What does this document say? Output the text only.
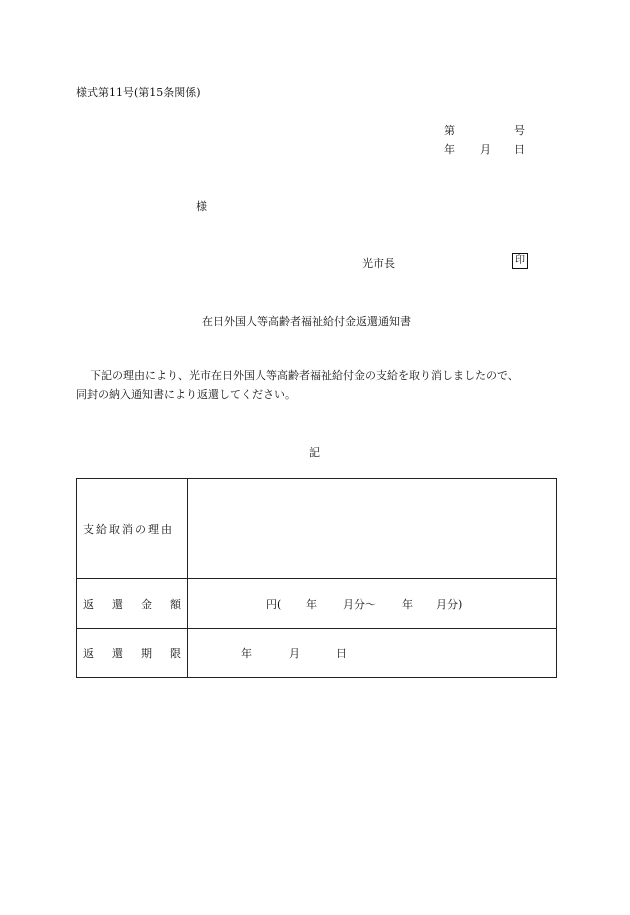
様式第11号(第15条関係)
第	号
年 月 日
様
光市長	印
在日外国人等高齢者福祉給付金返還通知書
下記の理由により、光市在日外国人等高齢者福祉給付金の支給を取り消しましたので、
同封の納入通知書により返還してください。
記
支給取消の理由	

返 還 金 額	円( 年 月分〜 年 月分)

返 還 期 限	年 月 日
